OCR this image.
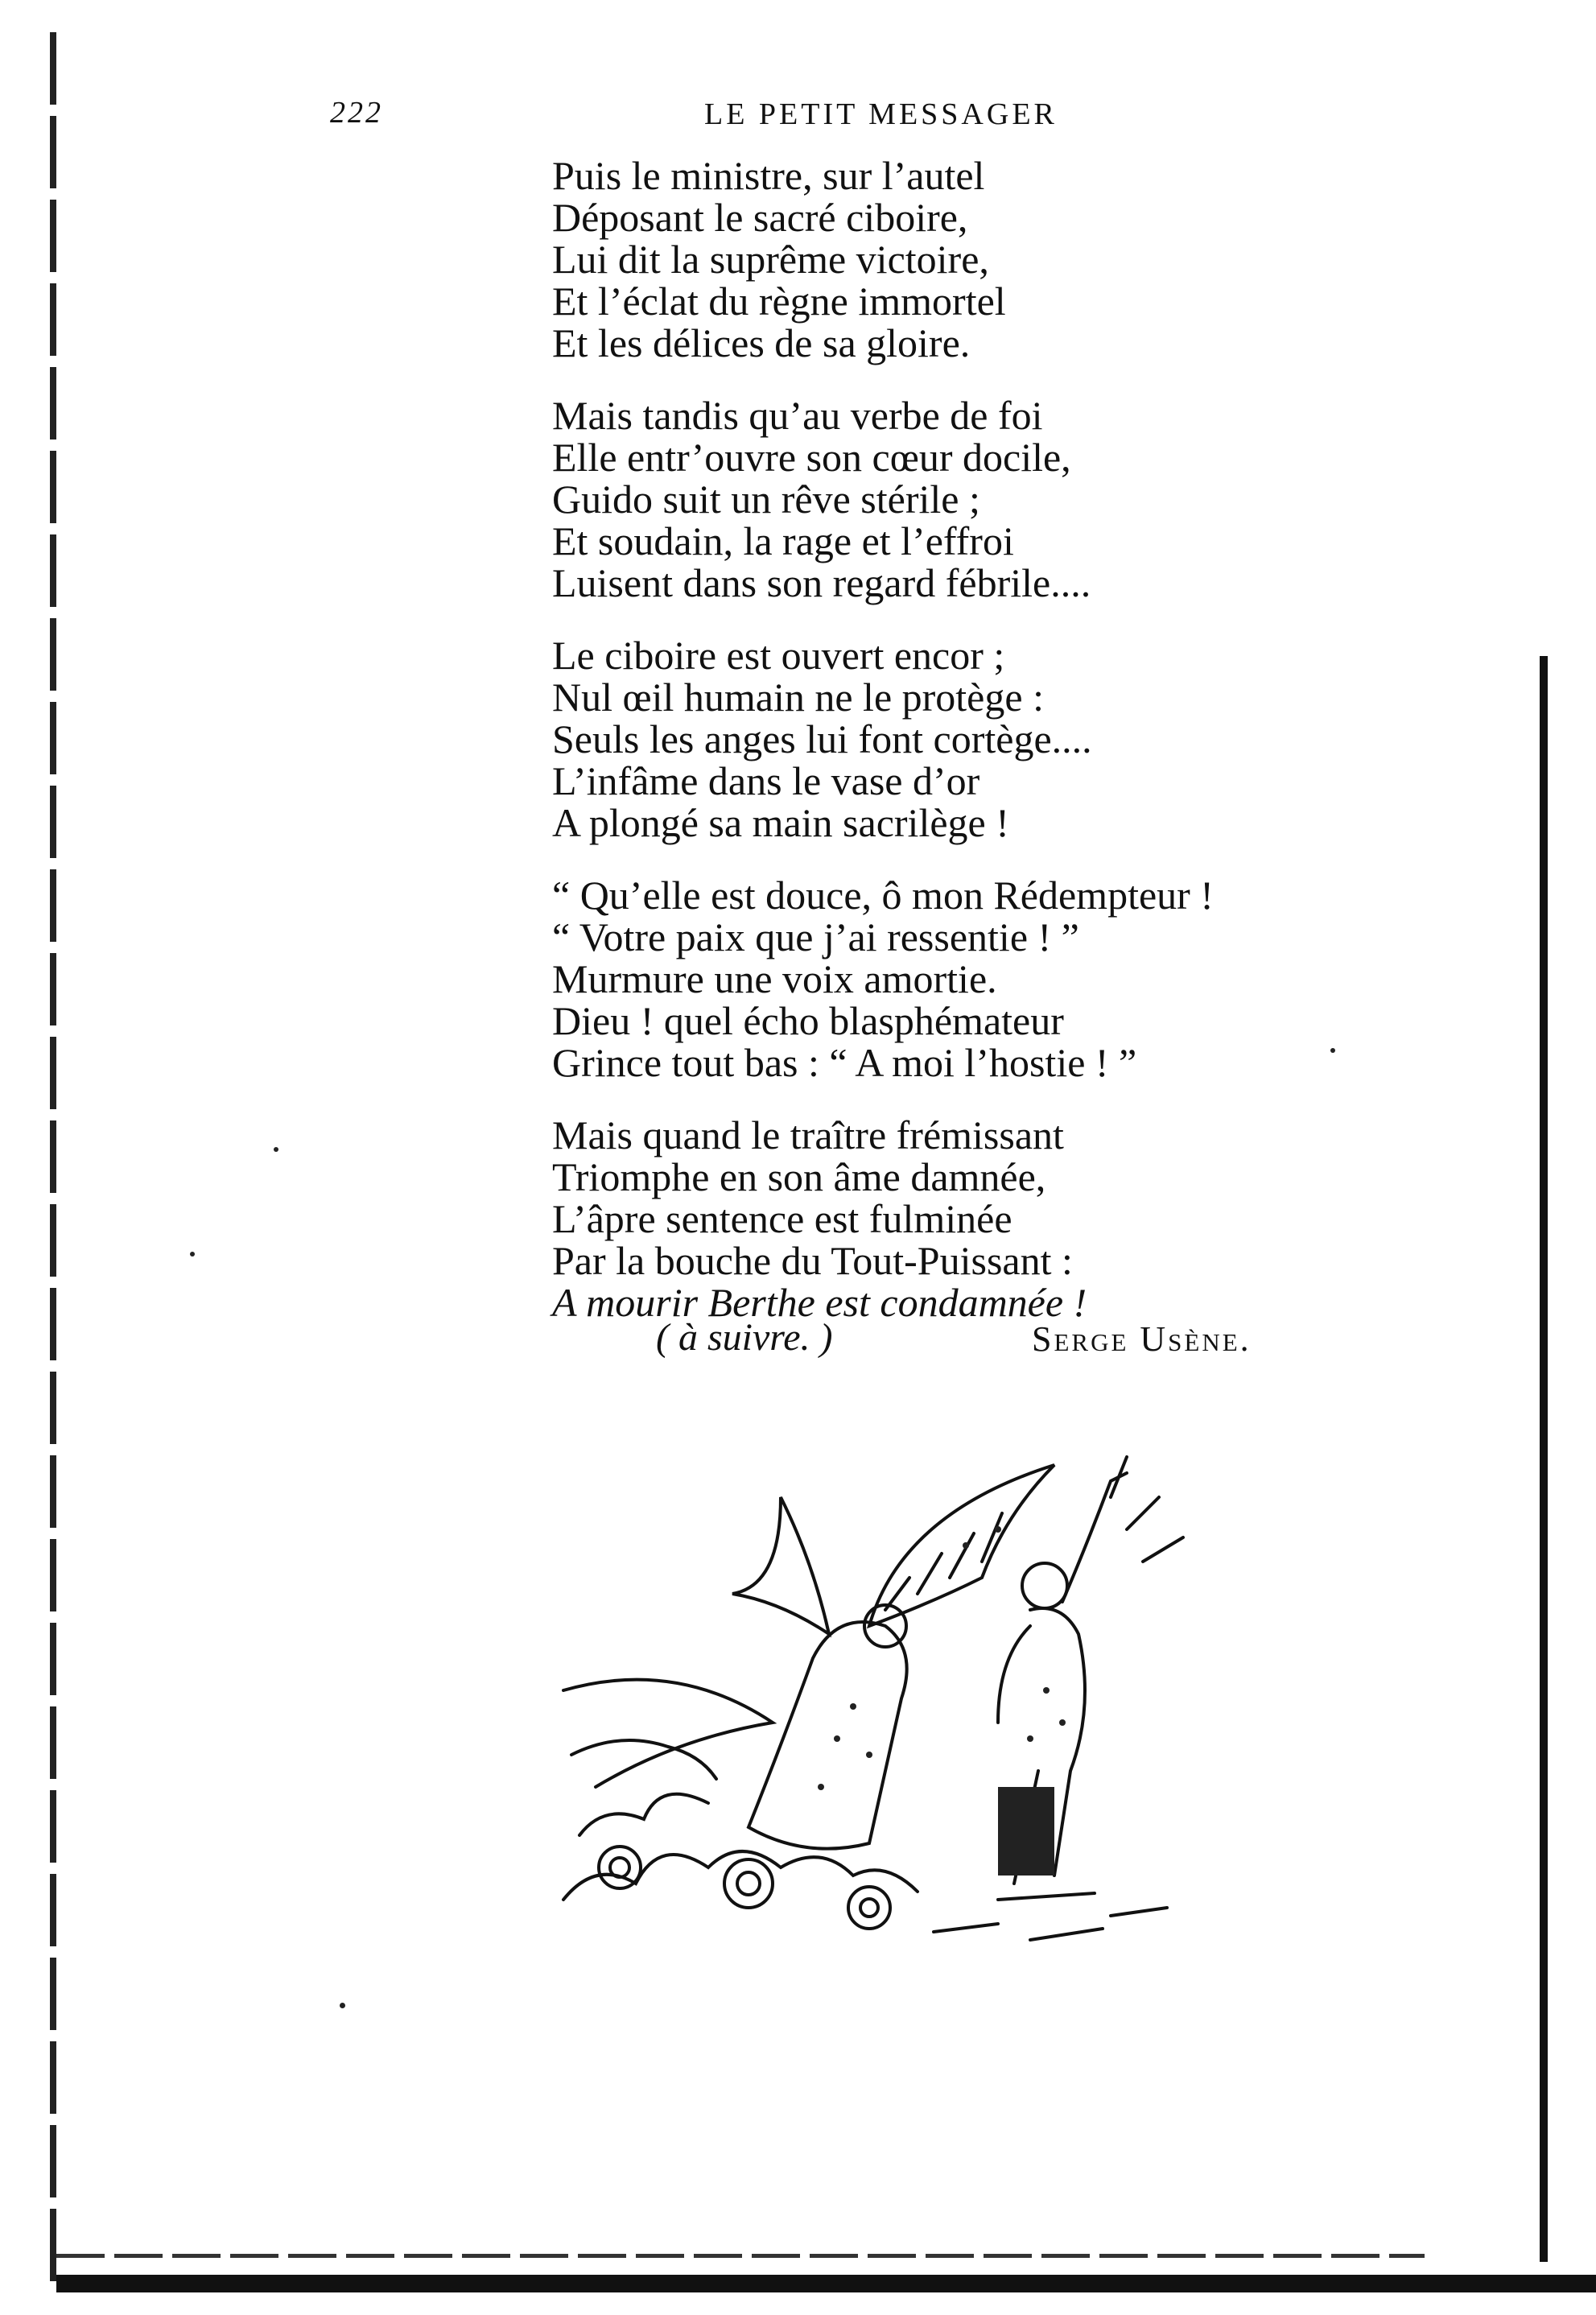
222	LE PETIT MESSAGER
Puis le ministre, sur l’autel
Déposant le sacré ciboire,
Lui dit la suprême victoire,
Et l’éclat du règne immortel
Et les délices de sa gloire.
Mais tandis qu’au verbe de foi
Elle entr’ouvre son cœur docile,
Guido suit un rêve stérile ;
Et soudain, la rage et l’effroi
Luisent dans son regard fébrile....
Le ciboire est ouvert encor ;
Nul œil humain ne le protège :
Seuls les anges lui font cortège....
L’infâme dans le vase d’or
A plongé sa main sacrilège !
“ Qu’elle est douce, ô mon Rédempteur !
“ Votre paix que j’ai ressentie ! ”
Murmure une voix amortie.
Dieu ! quel écho blasphémateur
Grince tout bas : “ A moi l’hostie ! ”
Mais quand le traître frémissant
Triomphe en son âme damnée,
L’âpre sentence est fulminée
Par la bouche du Tout-Puissant :
A mourir Berthe est condamnée !
( à suivre. )	Serge Usène.
